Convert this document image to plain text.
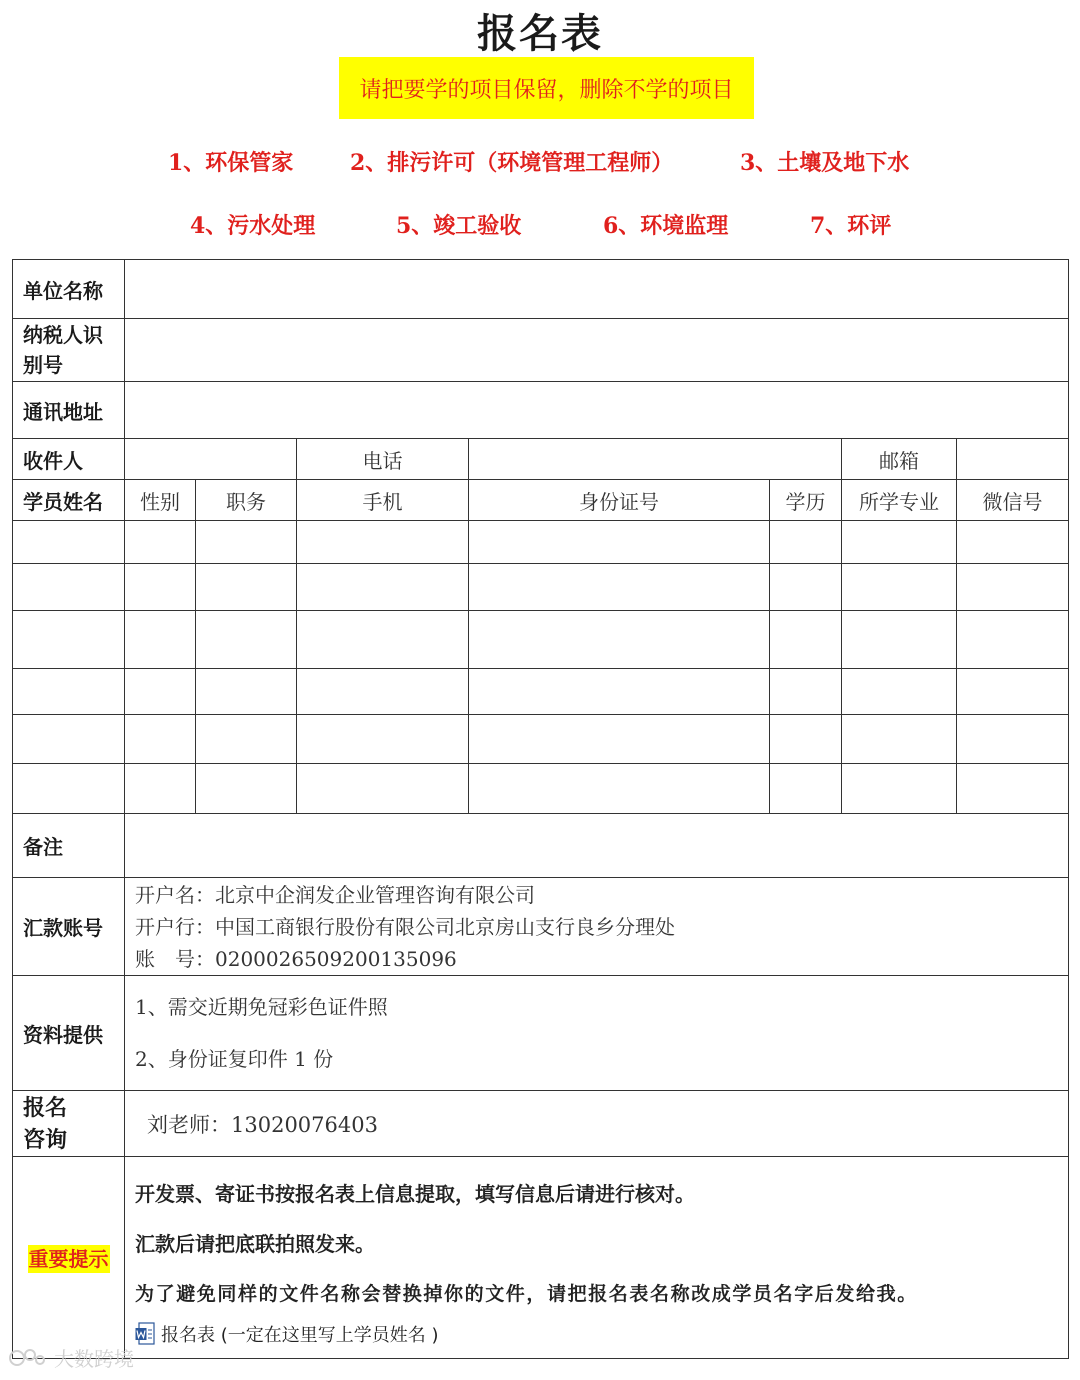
报名表
请把要学的项目保留，删除不学的项目
1、环保管家	2、排污许可（环境管理工程师）	3、土壤及地下水
4、污水处理	5、竣工验收	6、环境监理	7、环评
单位名称							
纳税人识别号							
通讯地址							
收件人			电话			邮箱	
学员姓名	性别	职务	手机	身份证号	学历	所学专业	微信号

备注							
汇款账号	开户名：北京中企润发企业管理咨询有限公司
开户行：中国工商银行股份有限公司北京房山支行良乡分理处
账　号：0200026509200135096						

资料提供	1、需交近期免冠彩色证件照
2、身份证复印件 1 份						

报名咨询	刘老师：13020076403						
重要提示	开发票、寄证书按报名表上信息提取，填写信息后请进行核对。
汇款后请把底联拍照发来。
为了避免同样的文件名称会替换掉你的文件，请把报名表名称改成学员名字后发给我。
报名表 (一定在这里写上学员姓名 )						
大数跨境
